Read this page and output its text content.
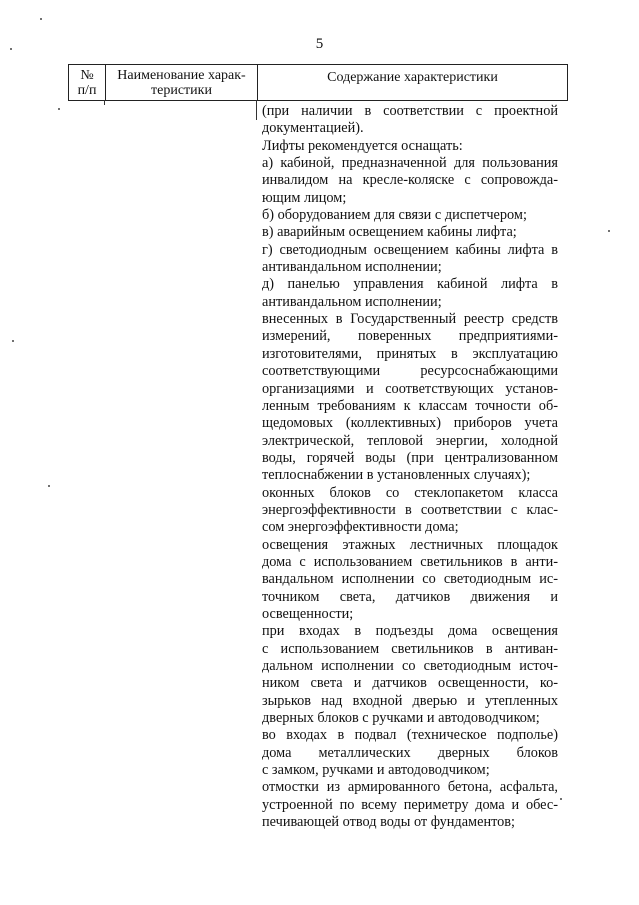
5
№
п/п
Наименование харак-
теристики
Содержание характеристики
(при наличии в соответствии с проектной
документацией).
Лифты рекомендуется оснащать:
а) кабиной, предназначенной для пользования
инвалидом на кресле-коляске с сопровожда-
ющим лицом;
б) оборудованием для связи с диспетчером;
в) аварийным освещением кабины лифта;
г) светодиодным освещением кабины лифта в
антивандальном исполнении;
д) панелью управления кабиной лифта в
антивандальном исполнении;
внесенных в Государственный реестр средств
измерений, поверенных предприятиями-
изготовителями, принятых в эксплуатацию
соответствующими ресурсоснабжающими
организациями и соответствующих установ-
ленным требованиям к классам точности об-
щедомовых (коллективных) приборов учета
электрической, тепловой энергии, холодной
воды, горячей воды (при централизованном
теплоснабжении в установленных случаях);
оконных блоков со стеклопакетом класса
энергоэффективности в соответствии с клас-
сом энергоэффективности дома;
освещения этажных лестничных площадок
дома с использованием светильников в анти-
вандальном исполнении со светодиодным ис-
точником света, датчиков движения и
освещенности;
при входах в подъезды дома освещения
с использованием светильников в антиван-
дальном исполнении со светодиодным источ-
ником света и датчиков освещенности, ко-
зырьков над входной дверью и утепленных
дверных блоков с ручками и автодоводчиком;
во входах в подвал (техническое подполье)
дома металлических дверных блоков
с замком, ручками и автодоводчиком;
отмостки из армированного бетона, асфальта,
устроенной по всему периметру дома и обес-
печивающей отвод воды от фундаментов;
